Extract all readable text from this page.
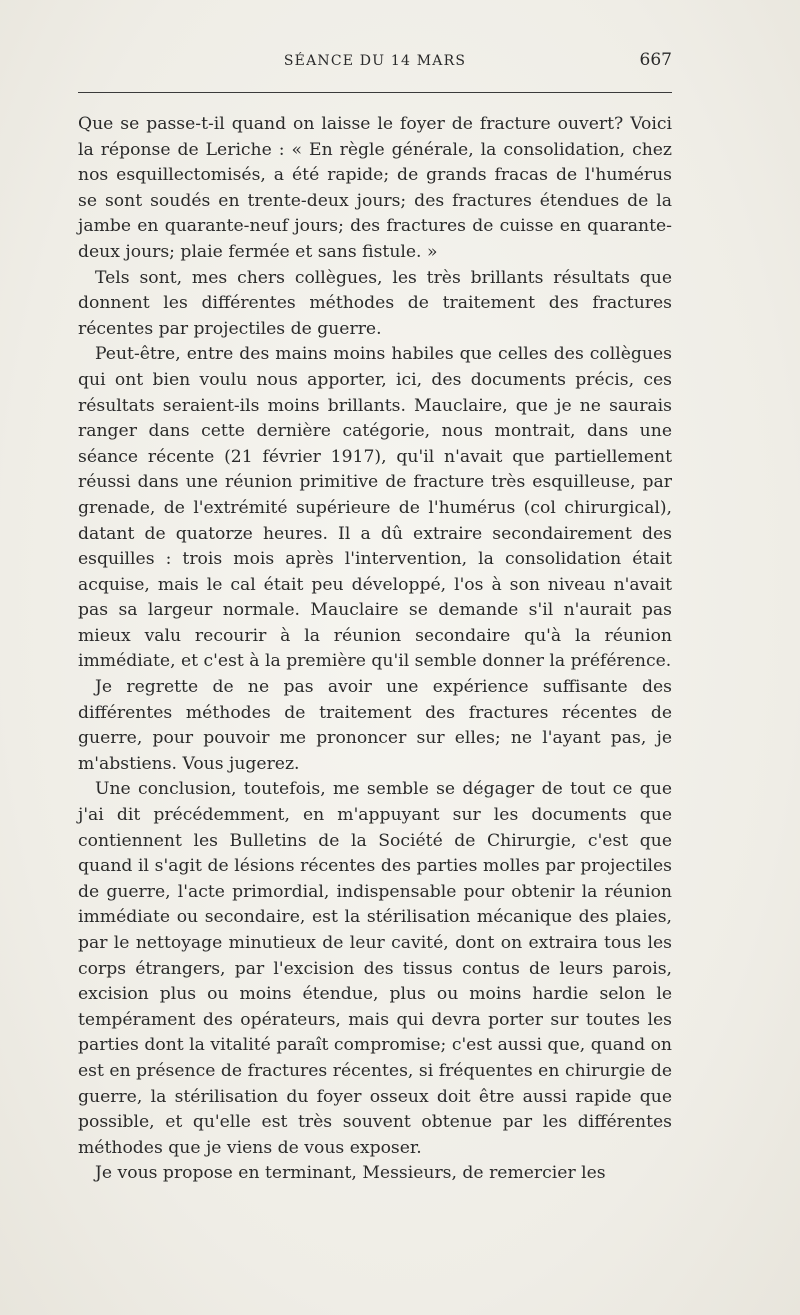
SÉANCE DU 14 MARS	667

Que se passe-t-il quand on laisse le foyer de fracture ouvert? Voici la réponse de Leriche : « En règle générale, la consolidation, chez nos esquillectomisés, a été rapide; de grands fracas de l'humérus se sont soudés en trente-deux jours; des fractures étendues de la jambe en quarante-neuf jours; des fractures de cuisse en quarante-deux jours; plaie fermée et sans fistule. »

Tels sont, mes chers collègues, les très brillants résultats que donnent les différentes méthodes de traitement des fractures récentes par projectiles de guerre.

Peut-être, entre des mains moins habiles que celles des collègues qui ont bien voulu nous apporter, ici, des documents précis, ces résultats seraient-ils moins brillants. Mauclaire, que je ne saurais ranger dans cette dernière catégorie, nous montrait, dans une séance récente (21 février 1917), qu'il n'avait que partiellement réussi dans une réunion primitive de fracture très esquilleuse, par grenade, de l'extrémité supérieure de l'humérus (col chirurgical), datant de quatorze heures. Il a dû extraire secondairement des esquilles : trois mois après l'intervention, la consolidation était acquise, mais le cal était peu développé, l'os à son niveau n'avait pas sa largeur normale. Mauclaire se demande s'il n'aurait pas mieux valu recourir à la réunion secondaire qu'à la réunion immédiate, et c'est à la première qu'il semble donner la préférence.

Je regrette de ne pas avoir une expérience suffisante des différentes méthodes de traitement des fractures récentes de guerre, pour pouvoir me prononcer sur elles; ne l'ayant pas, je m'abstiens. Vous jugerez.

Une conclusion, toutefois, me semble se dégager de tout ce que j'ai dit précédemment, en m'appuyant sur les documents que contiennent les Bulletins de la Société de Chirurgie, c'est que quand il s'agit de lésions récentes des parties molles par projectiles de guerre, l'acte primordial, indispensable pour obtenir la réunion immédiate ou secondaire, est la stérilisation mécanique des plaies, par le nettoyage minutieux de leur cavité, dont on extraira tous les corps étrangers, par l'excision des tissus contus de leurs parois, excision plus ou moins étendue, plus ou moins hardie selon le tempérament des opérateurs, mais qui devra porter sur toutes les parties dont la vitalité paraît compromise; c'est aussi que, quand on est en présence de fractures récentes, si fréquentes en chirurgie de guerre, la stérilisation du foyer osseux doit être aussi rapide que possible, et qu'elle est très souvent obtenue par les différentes méthodes que je viens de vous exposer.

Je vous propose en terminant, Messieurs, de remercier les
